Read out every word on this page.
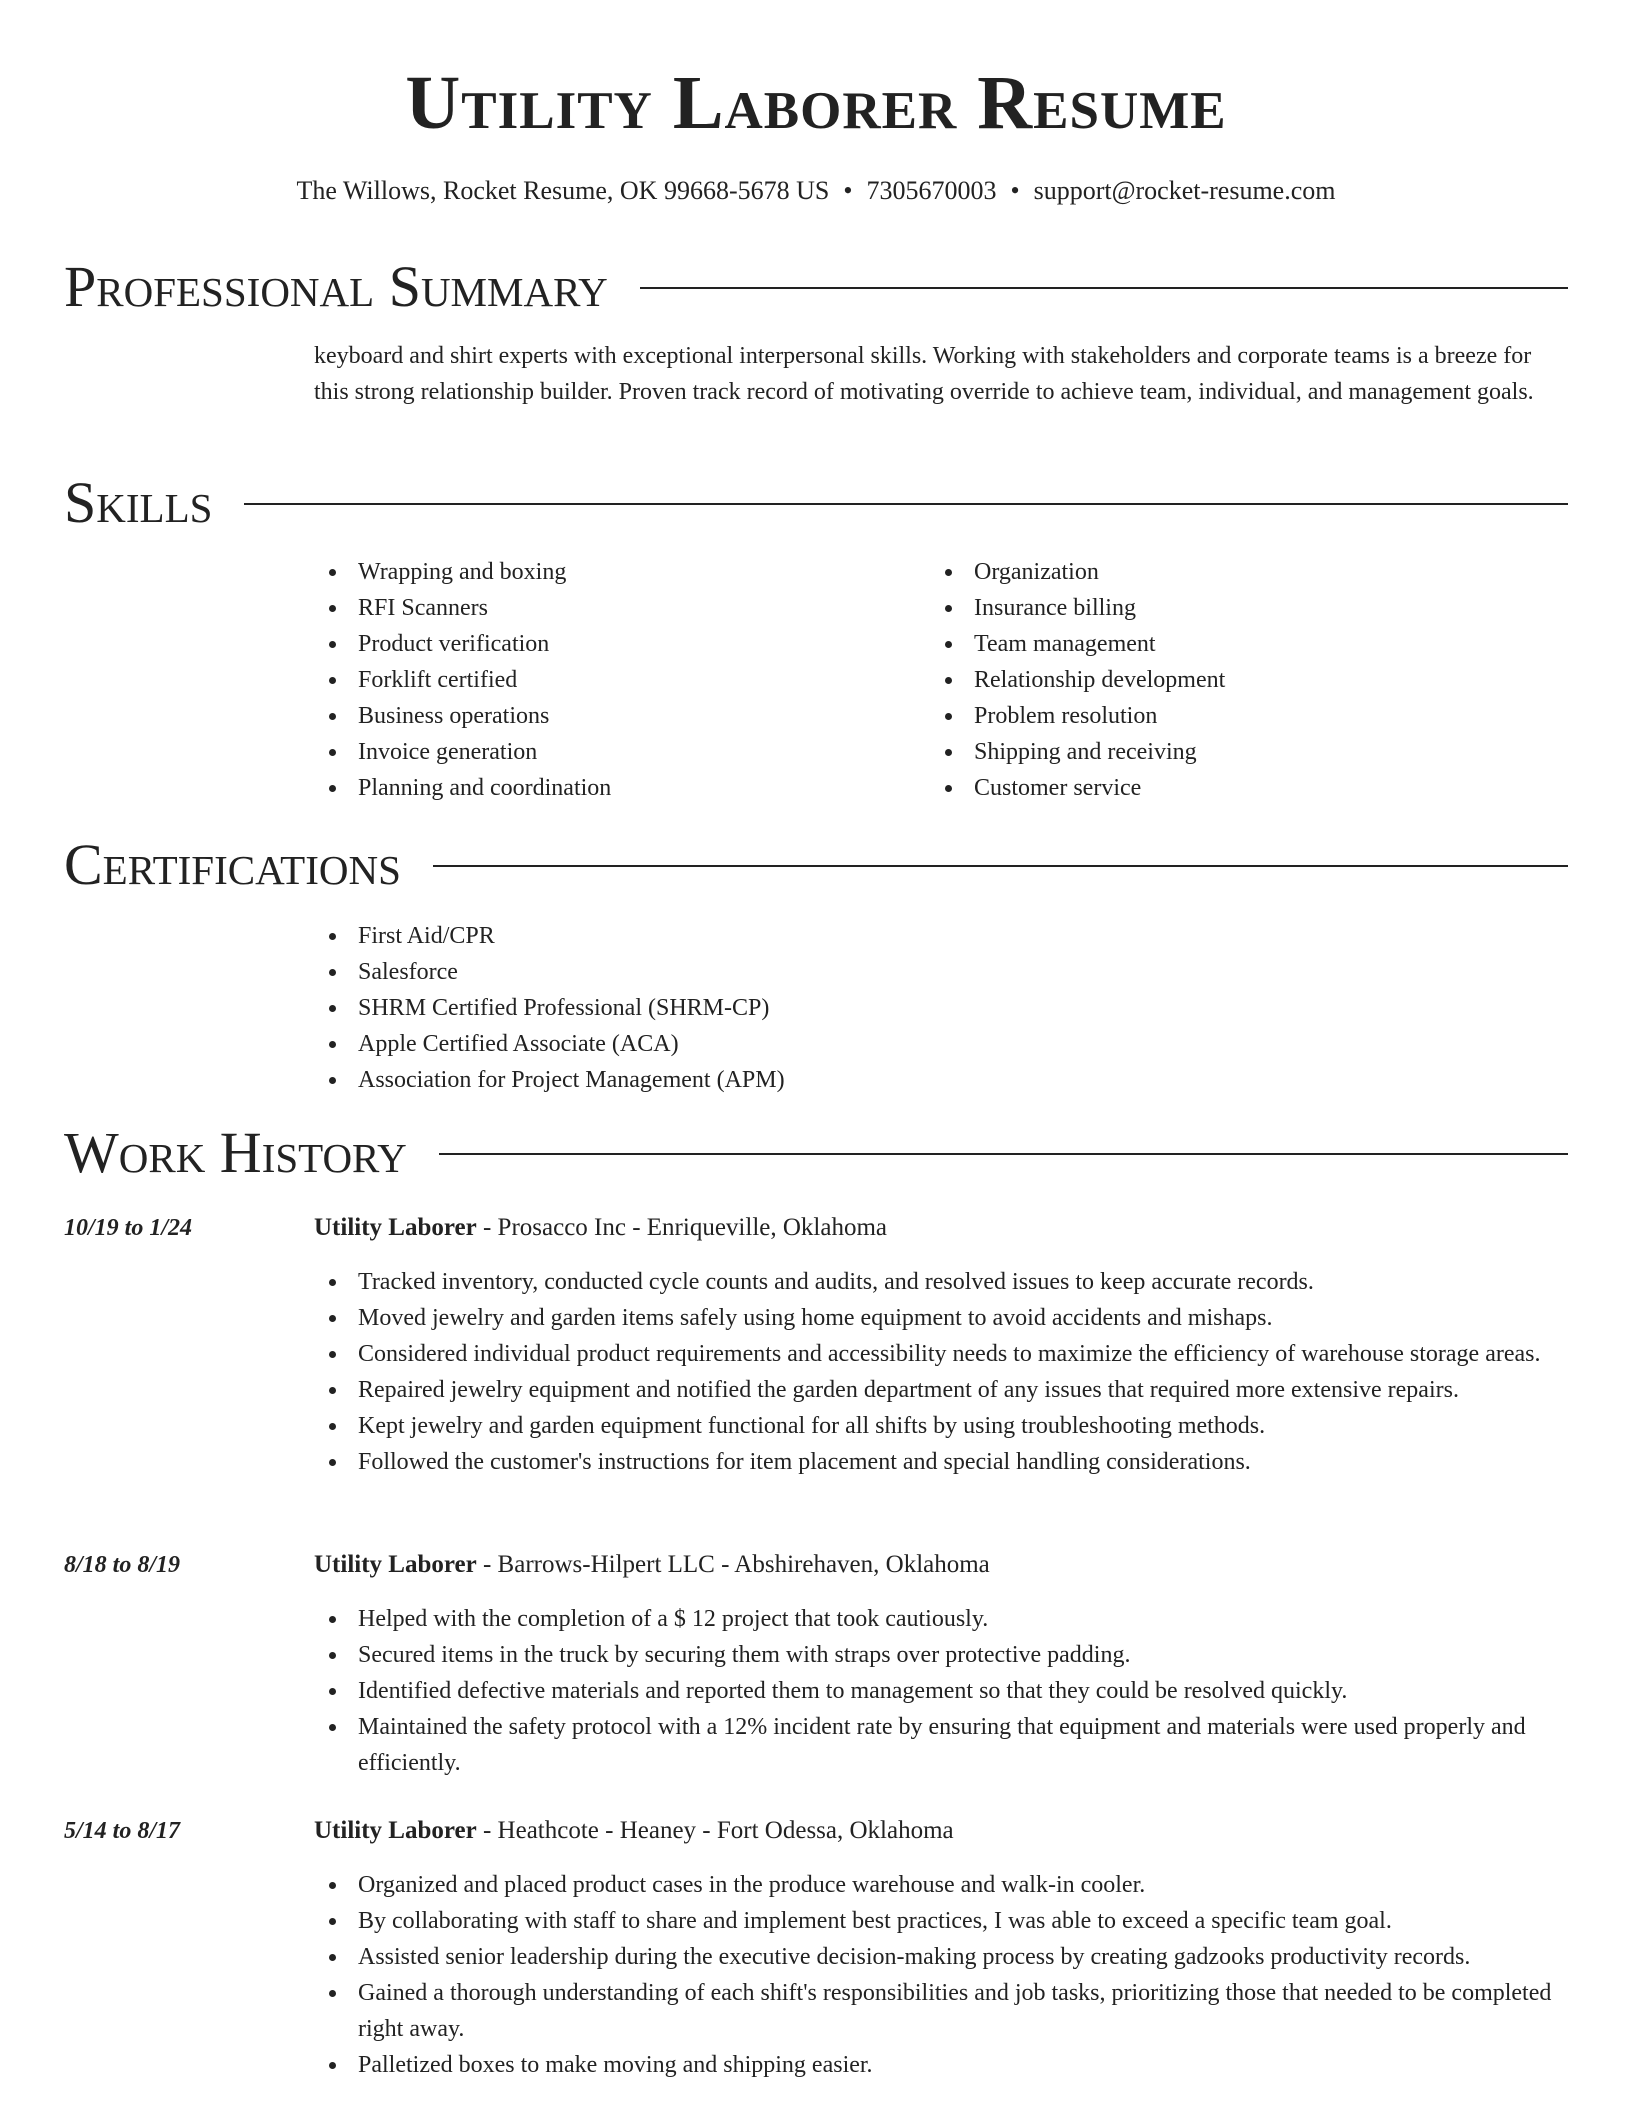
Utility Laborer Resume
The Willows, Rocket Resume, OK 99668-5678 US • 7305670003 • support@rocket-resume.com
Professional Summary

keyboard and shirt experts with exceptional interpersonal skills. Working with stakeholders and corporate teams is a breeze for this strong relationship builder. Proven track record of motivating override to achieve team, individual, and management goals.

Skills
Wrapping and boxing
RFI Scanners
Product verification
Forklift certified
Business operations
Invoice generation
Planning and coordination
Organization
Insurance billing
Team management
Relationship development
Problem resolution
Shipping and receiving
Customer service
Certifications
First Aid/CPR
Salesforce
SHRM Certified Professional (SHRM-CP)
Apple Certified Associate (ACA)
Association for Project Management (APM)
Work History
10/19 to 1/24	Utility Laborer - Prosacco Inc - Enriqueville, Oklahoma
Tracked inventory, conducted cycle counts and audits, and resolved issues to keep accurate records.
Moved jewelry and garden items safely using home equipment to avoid accidents and mishaps.
Considered individual product requirements and accessibility needs to maximize the efficiency of warehouse storage areas.
Repaired jewelry equipment and notified the garden department of any issues that required more extensive repairs.
Kept jewelry and garden equipment functional for all shifts by using troubleshooting methods.
Followed the customer's instructions for item placement and special handling considerations.
8/18 to 8/19	Utility Laborer - Barrows-Hilpert LLC - Abshirehaven, Oklahoma
Helped with the completion of a $ 12 project that took cautiously.
Secured items in the truck by securing them with straps over protective padding.
Identified defective materials and reported them to management so that they could be resolved quickly.
Maintained the safety protocol with a 12% incident rate by ensuring that equipment and materials were used properly and efficiently.
5/14 to 8/17	Utility Laborer - Heathcote - Heaney - Fort Odessa, Oklahoma
Organized and placed product cases in the produce warehouse and walk-in cooler.
By collaborating with staff to share and implement best practices, I was able to exceed a specific team goal.
Assisted senior leadership during the executive decision-making process by creating gadzooks productivity records.
Gained a thorough understanding of each shift's responsibilities and job tasks, prioritizing those that needed to be completed right away.
Palletized boxes to make moving and shipping easier.
